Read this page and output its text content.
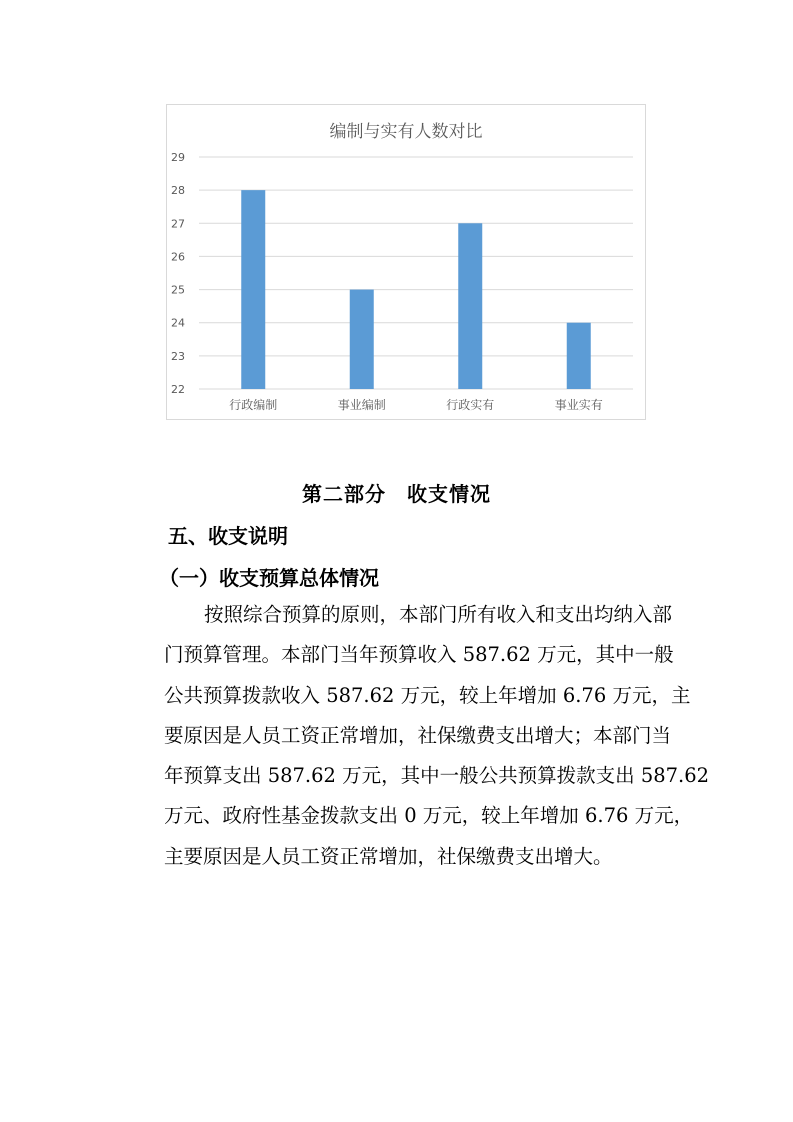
编制与实有人数对比
22
23
24
25
26
27
28
29
行政编制	事业编制	行政实有	事业实有
第二部分　收支情况
五、收支说明
（一）收支预算总体情况
按照综合预算的原则，本部门所有收入和支出均纳入部
门预算管理。本部门当年预算收入 587.62 万元，其中一般
公共预算拨款收入 587.62 万元，较上年增加 6.76 万元，主
要原因是人员工资正常增加，社保缴费支出增大；本部门当
年预算支出 587.62 万元，其中一般公共预算拨款支出 587.62
万元、政府性基金拨款支出 0 万元，较上年增加 6.76 万元，
主要原因是人员工资正常增加，社保缴费支出增大。
